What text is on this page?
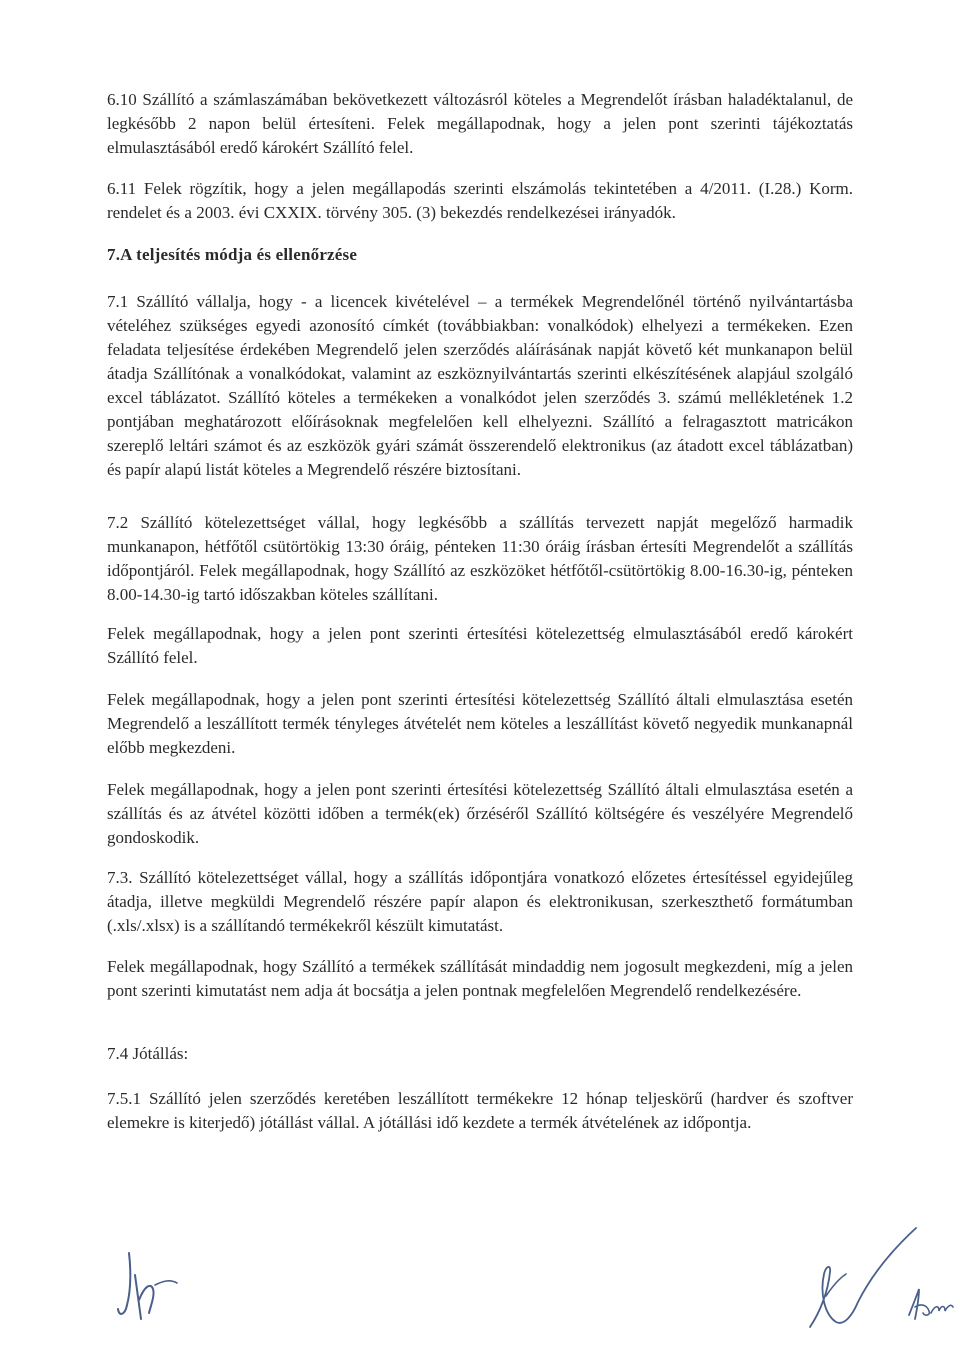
6.10 Szállító a számlaszámában bekövetkezett változásról köteles a Megrendelőt írásban haladéktalanul, de legkésőbb 2 napon belül értesíteni. Felek megállapodnak, hogy a jelen pont szerinti tájékoztatás elmulasztásából eredő károkért Szállító felel.

6.11 Felek rögzítik, hogy a jelen megállapodás szerinti elszámolás tekintetében a 4/2011. (I.28.) Korm. rendelet és a 2003. évi CXXIX. törvény 305. (3) bekezdés rendelkezései irányadók.

7.A teljesítés módja és ellenőrzése

7.1 Szállító vállalja, hogy - a licencek kivételével – a termékek Megrendelőnél történő nyilvántartásba vételéhez szükséges egyedi azonosító címkét (továbbiakban: vonalkódok) elhelyezi a termékeken. Ezen feladata teljesítése érdekében Megrendelő jelen szerződés aláírásának napját követő két munkanapon belül átadja Szállítónak a vonalkódokat, valamint az eszköznyilvántartás szerinti elkészítésének alapjául szolgáló excel táblázatot. Szállító köteles a termékeken a vonalkódot jelen szerződés 3. számú mellékletének 1.2 pontjában meghatározott előírásoknak megfelelően kell elhelyezni. Szállító a felragasztott matricákon szereplő leltári számot és az eszközök gyári számát összerendelő elektronikus (az átadott excel táblázatban) és papír alapú listát köteles a Megrendelő részére biztosítani.

7.2 Szállító kötelezettséget vállal, hogy legkésőbb a szállítás tervezett napját megelőző harmadik munkanapon, hétfőtől csütörtökig 13:30 óráig, pénteken 11:30 óráig írásban értesíti Megrendelőt a szállítás időpontjáról. Felek megállapodnak, hogy Szállító az eszközöket hétfőtől-csütörtökig 8.00-16.30-ig, pénteken 8.00-14.30-ig tartó időszakban köteles szállítani.

Felek megállapodnak, hogy a jelen pont szerinti értesítési kötelezettség elmulasztásából eredő károkért Szállító felel.

Felek megállapodnak, hogy a jelen pont szerinti értesítési kötelezettség Szállító általi elmulasztása esetén Megrendelő a leszállított termék tényleges átvételét nem köteles a leszállítást követő negyedik munkanapnál előbb megkezdeni.

Felek megállapodnak, hogy a jelen pont szerinti értesítési kötelezettség Szállító általi elmulasztása esetén a szállítás és az átvétel közötti időben a termék(ek) őrzéséről Szállító költségére és veszélyére Megrendelő gondoskodik.

7.3. Szállító kötelezettséget vállal, hogy a szállítás időpontjára vonatkozó előzetes értesítéssel egyidejűleg átadja, illetve megküldi Megrendelő részére papír alapon és elektronikusan, szerkeszthető formátumban (.xls/.xlsx) is a szállítandó termékekről készült kimutatást.

Felek megállapodnak, hogy Szállító a termékek szállítását mindaddig nem jogosult megkezdeni, míg a jelen pont szerinti kimutatást nem adja át bocsátja a jelen pontnak megfelelően Megrendelő rendelkezésére.

7.4 Jótállás:

7.5.1 Szállító jelen szerződés keretében leszállított termékekre 12 hónap teljeskörű (hardver és szoftver elemekre is kiterjedő) jótállást vállal. A jótállási idő kezdete a termék átvételének az időpontja.
